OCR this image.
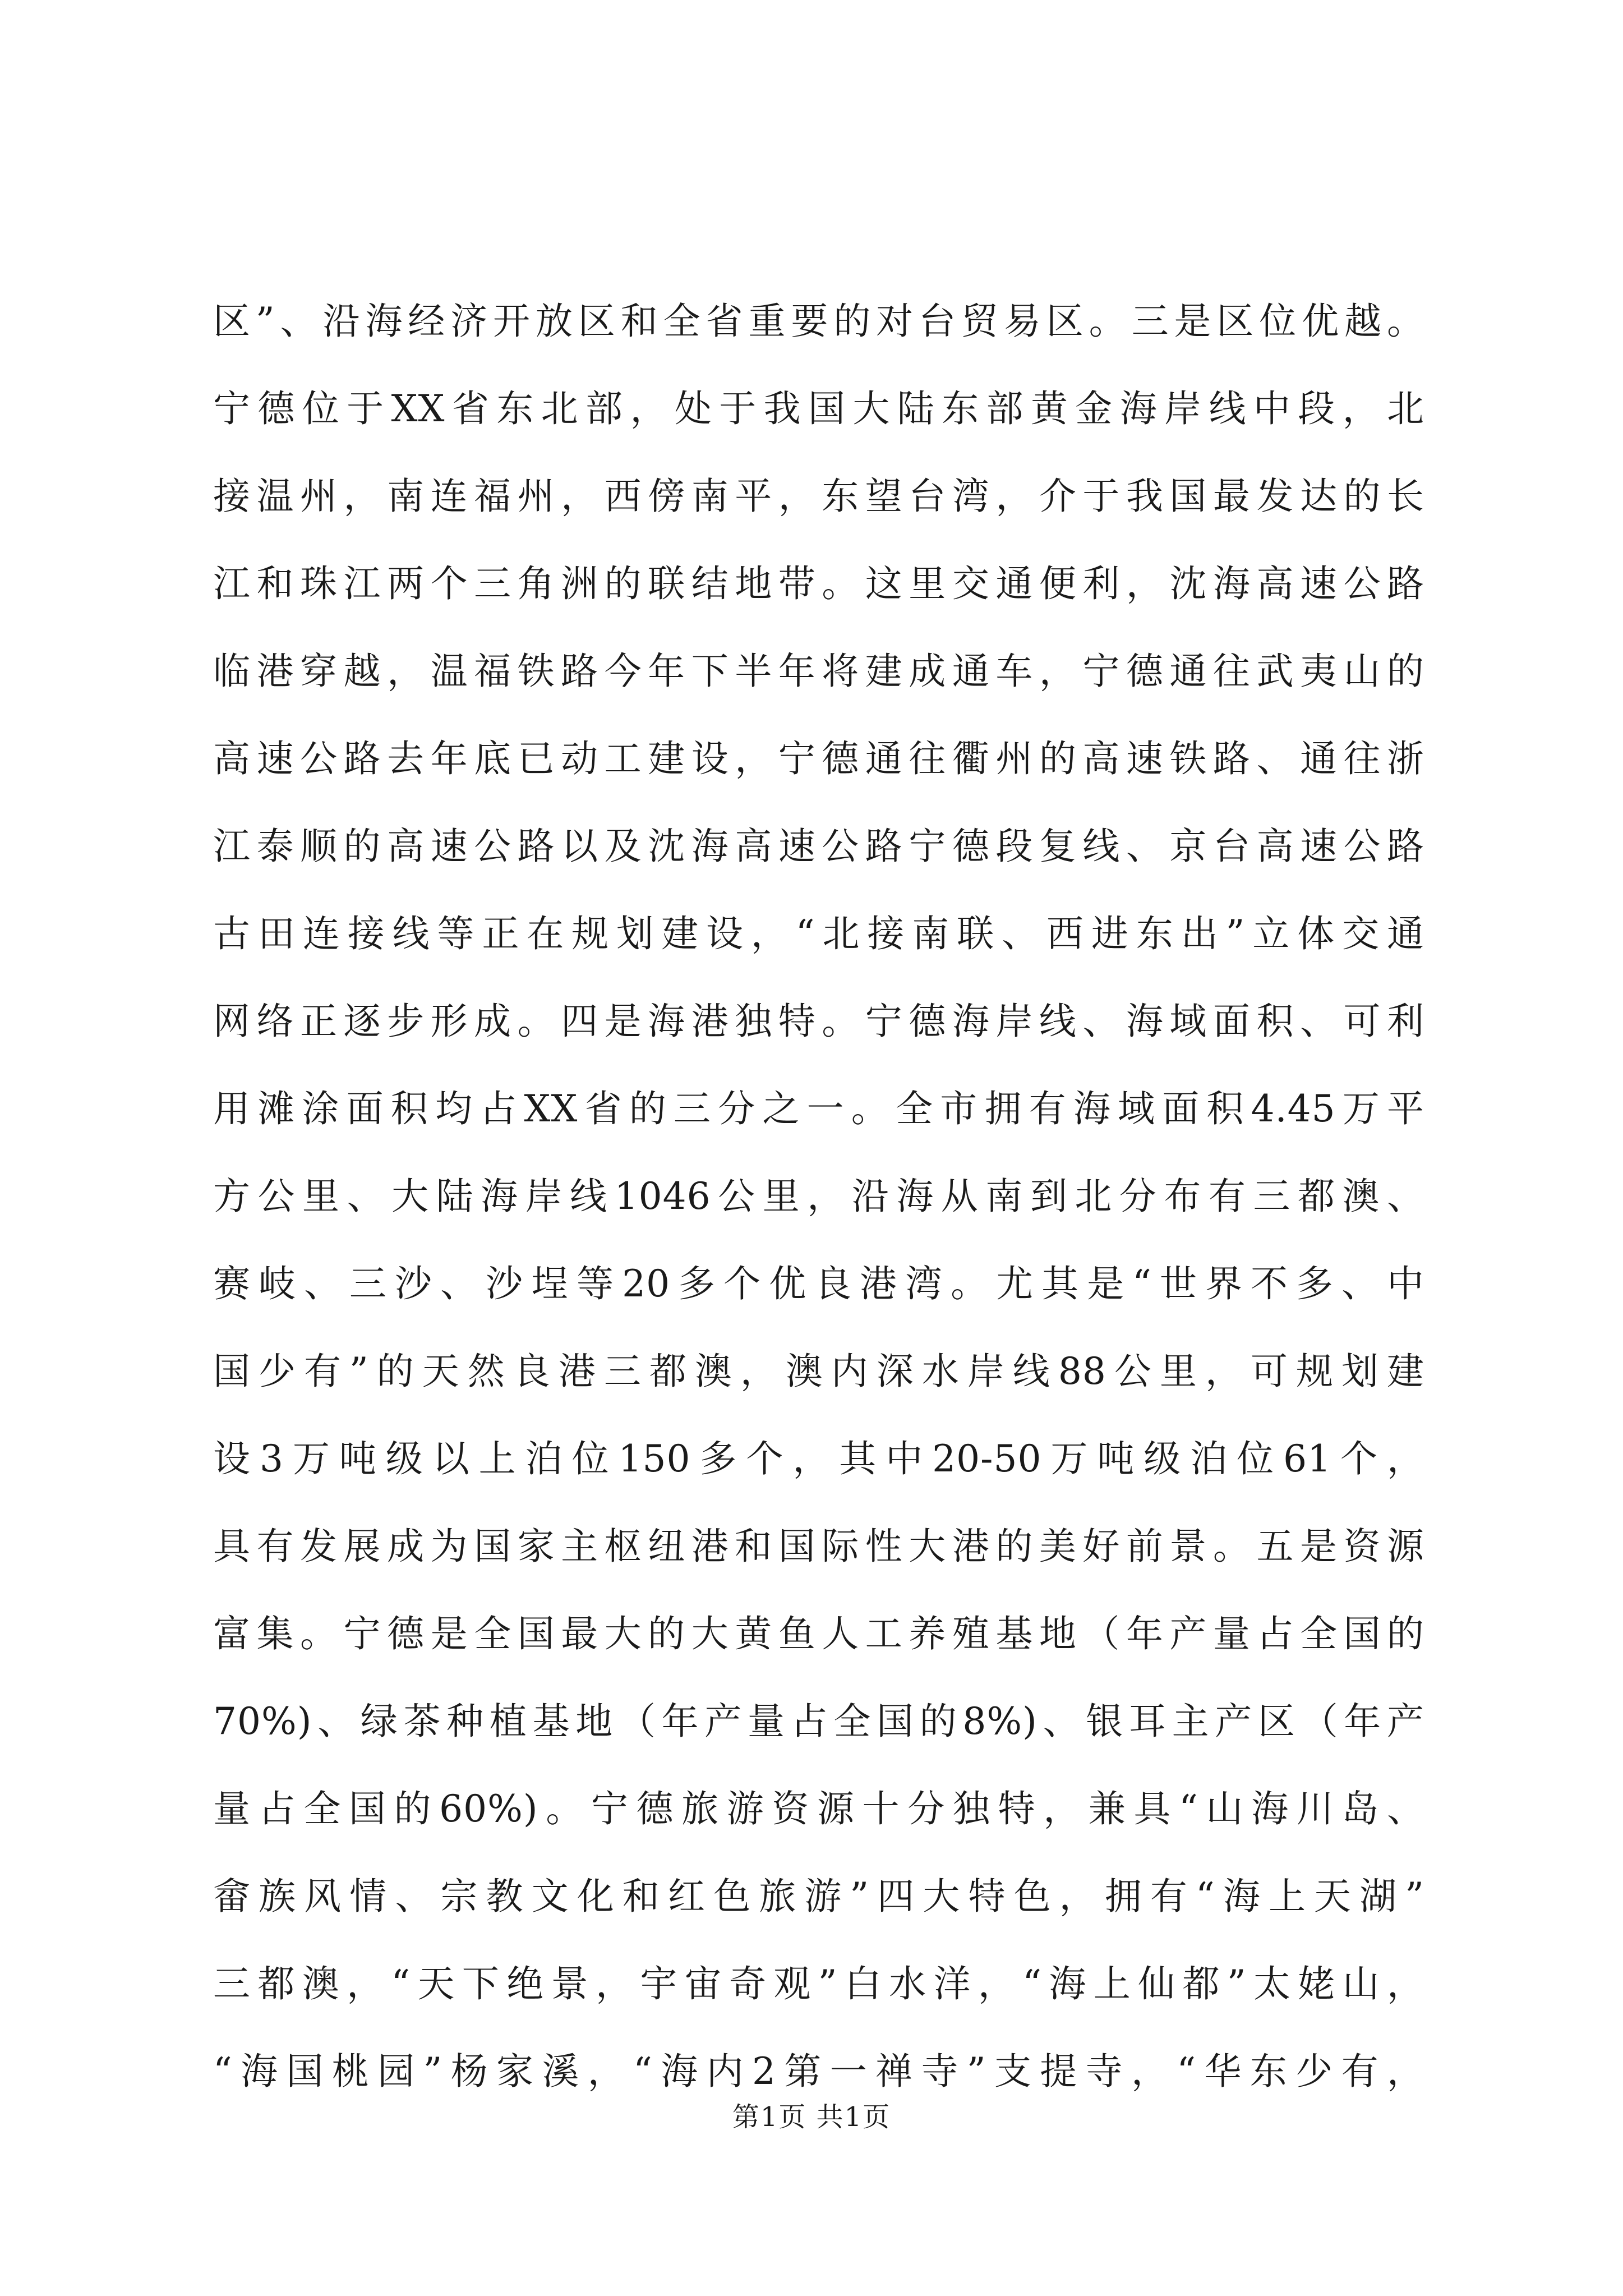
区”、沿海经济开放区和全省重要的对台贸易区。三是区位优越。
宁德位于XX省东北部，处于我国大陆东部黄金海岸线中段，北
接温州，南连福州，西傍南平，东望台湾，介于我国最发达的长
江和珠江两个三角洲的联结地带。这里交通便利，沈海高速公路
临港穿越，温福铁路今年下半年将建成通车，宁德通往武夷山的
高速公路去年底已动工建设，宁德通往衢州的高速铁路、通往浙
江泰顺的高速公路以及沈海高速公路宁德段复线、京台高速公路
古田连接线等正在规划建设，“北接南联、西进东出”立体交通
网络正逐步形成。四是海港独特。宁德海岸线、海域面积、可利
用滩涂面积均占XX省的三分之一。全市拥有海域面积4.45万平
方公里、大陆海岸线1046公里，沿海从南到北分布有三都澳、
赛岐、三沙、沙埕等20多个优良港湾。尤其是“世界不多、中
国少有”的天然良港三都澳，澳内深水岸线88公里，可规划建
设3万吨级以上泊位150多个，其中20-50万吨级泊位61个，
具有发展成为国家主枢纽港和国际性大港的美好前景。五是资源
富集。宁德是全国最大的大黄鱼人工养殖基地（年产量占全国的
70%)、绿茶种植基地（年产量占全国的8%)、银耳主产区（年产
量占全国的60%)。宁德旅游资源十分独特，兼具“山海川岛、
畲族风情、宗教文化和红色旅游”四大特色，拥有“海上天湖”
三都澳，“天下绝景，宇宙奇观”白水洋，“海上仙都”太姥山，
“海国桃园”杨家溪，“海内2第一禅寺”支提寺，“华东少有，
第1页 共1页
